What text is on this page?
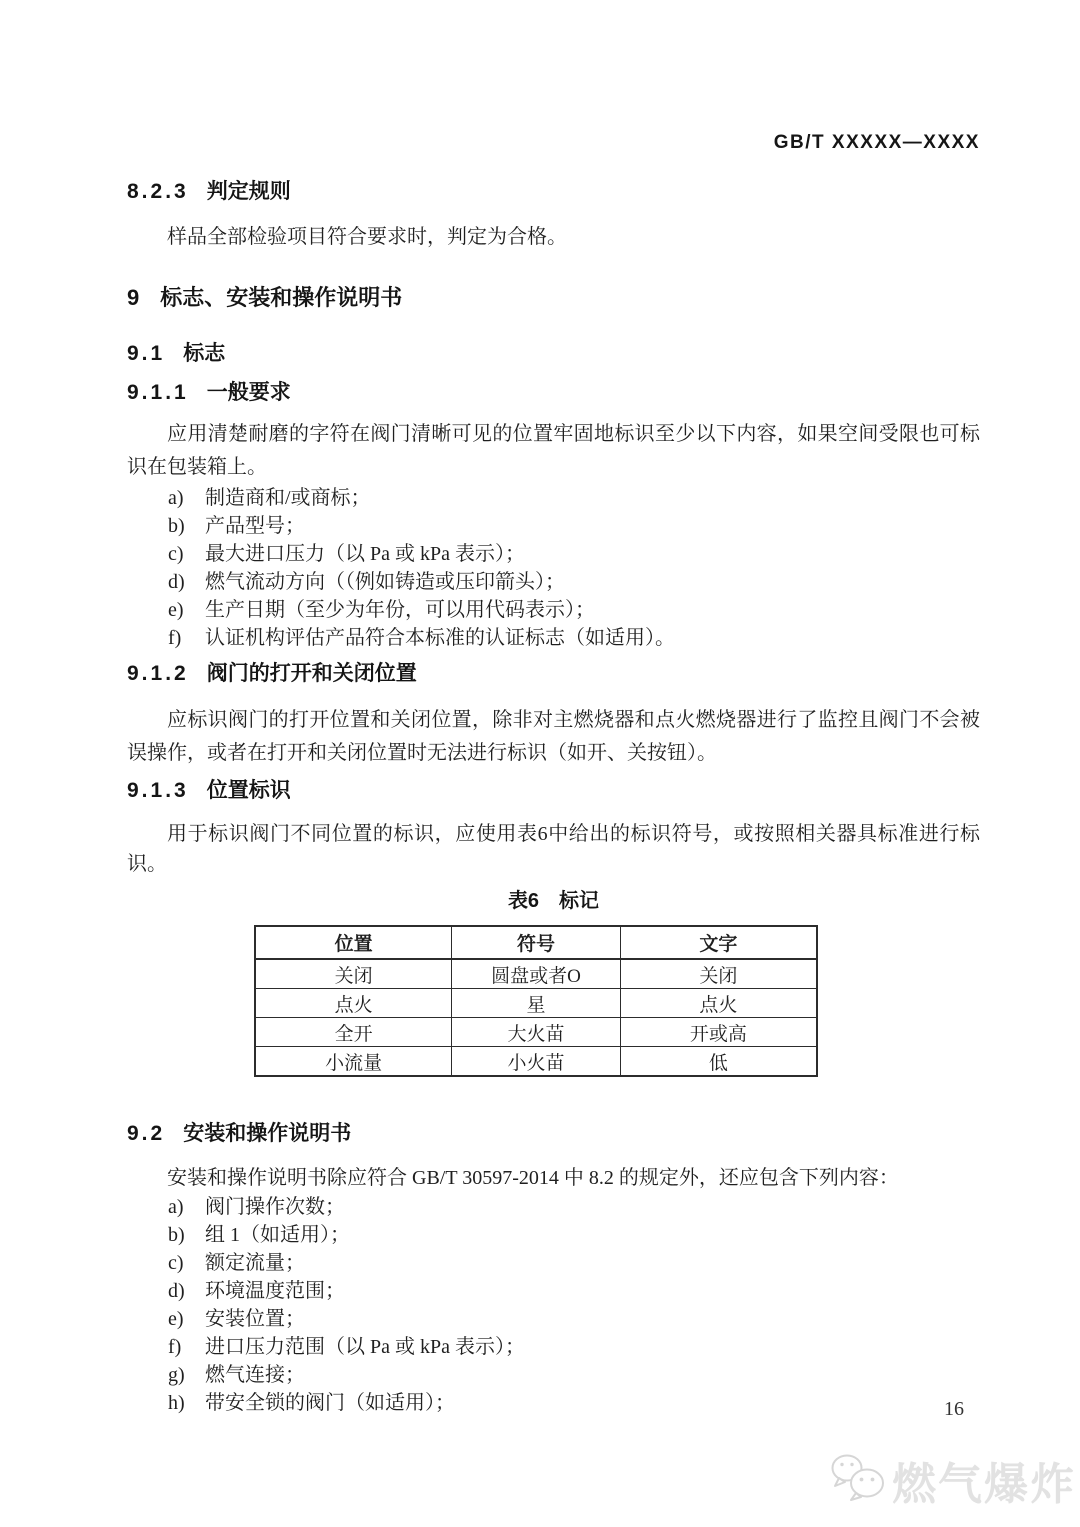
GB/T XXXXX—XXXX
8.2.3 判定规则

样品全部检验项目符合要求时，判定为合格。

9 标志、安装和操作说明书
9.1 标志
9.1.1 一般要求

应用清楚耐磨的字符在阀门清晰可见的位置牢固地标识至少以下内容，如果空间受限也可标识在包装箱上。

a) 制造商和/或商标；
b) 产品型号；
c) 最大进口压力（以 Pa 或 kPa 表示）；
d) 燃气流动方向（（例如铸造或压印箭头）；
e) 生产日期（至少为年份，可以用代码表示）；
f) 认证机构评估产品符合本标准的认证标志（如适用）。
9.1.2 阀门的打开和关闭位置

应标识阀门的打开位置和关闭位置，除非对主燃烧器和点火燃烧器进行了监控且阀门不会被误操作，或者在打开和关闭位置时无法进行标识（如开、关按钮）。

9.1.3 位置标识

用于标识阀门不同位置的标识，应使用表6中给出的标识符号，或按照相关器具标准进行标识。

表6　标记
位置	符号	文字
关闭	圆盘或者O	关闭
点火	星	点火
全开	大火苗	开或高
小流量	小火苗	低
9.2 安装和操作说明书

安装和操作说明书除应符合 GB/T 30597-2014 中 8.2 的规定外，还应包含下列内容：

a) 阀门操作次数；
b) 组 1（如适用）；
c) 额定流量；
d) 环境温度范围；
e) 安装位置；
f) 进口压力范围（以 Pa 或 kPa 表示）；
g) 燃气连接；
h) 带安全锁的阀门（如适用）；	16
燃气爆炸
